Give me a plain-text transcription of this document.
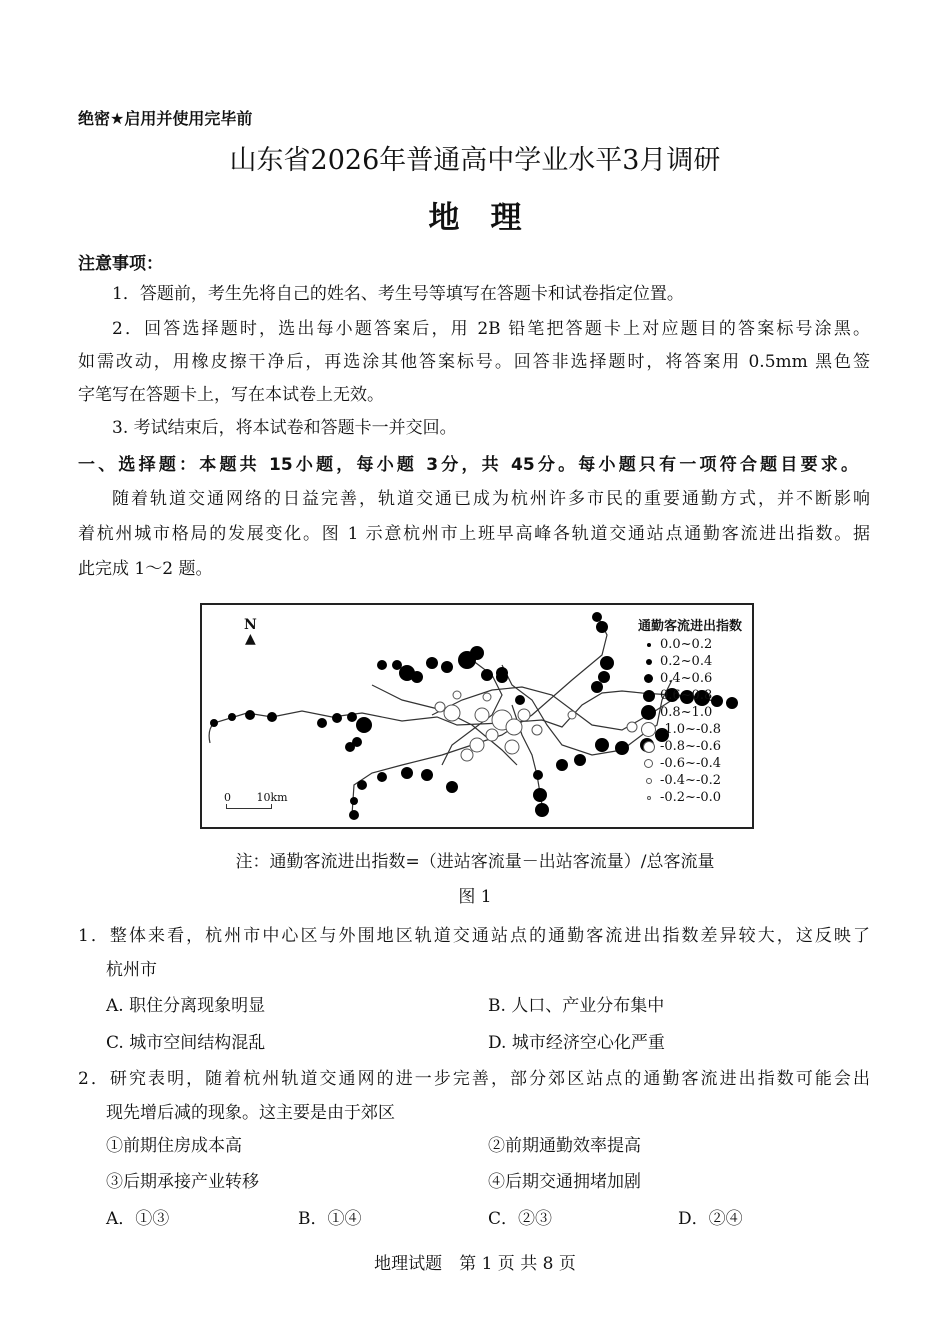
绝密★启用并使用完毕前
山东省2026年普通高中学业水平3月调研
地　理
注意事项：
1．答题前，考生先将自己的姓名、考生号等填写在答题卡和试卷指定位置。
2．回答选择题时，选出每小题答案后，用 2B 铅笔把答题卡上对应题目的答案标号涂黑。
如需改动，用橡皮擦干净后，再选涂其他答案标号。回答非选择题时，将答案用 0.5mm 黑色签
字笔写在答题卡上，写在本试卷上无效。
3. 考试结束后，将本试卷和答题卡一并交回。
一、选择题：本题共 15小题，每小题 3分，共 45分。每小题只有一项符合题目要求。
随着轨道交通网络的日益完善，轨道交通已成为杭州许多市民的重要通勤方式，并不断影响
着杭州城市格局的发展变化。图 1 示意杭州市上班早高峰各轨道交通站点通勤客流进出指数。据
此完成 1～2 题。
N
▲
0 10km
通勤客流进出指数
0.0~0.2
0.2~0.4
0.4~0.6
0.6~0.8
0.8~1.0
-1.0~-0.8
-0.8~-0.6
-0.6~-0.4
-0.4~-0.2
-0.2~-0.0
注：通勤客流进出指数=（进站客流量－出站客流量）/总客流量
图 1
1．整体来看，杭州市中心区与外围地区轨道交通站点的通勤客流进出指数差异较大，这反映了
杭州市
A. 职住分离现象明显	B. 人口、产业分布集中
C. 城市空间结构混乱	D. 城市经济空心化严重
2．研究表明，随着杭州轨道交通网的进一步完善，部分郊区站点的通勤客流进出指数可能会出
现先增后减的现象。这主要是由于郊区
①前期住房成本高	②前期通勤效率提高
③后期承接产业转移	④后期交通拥堵加剧
A．①③	B．①④	C．②③	D．②④
地理试题　第 1 页 共 8 页
